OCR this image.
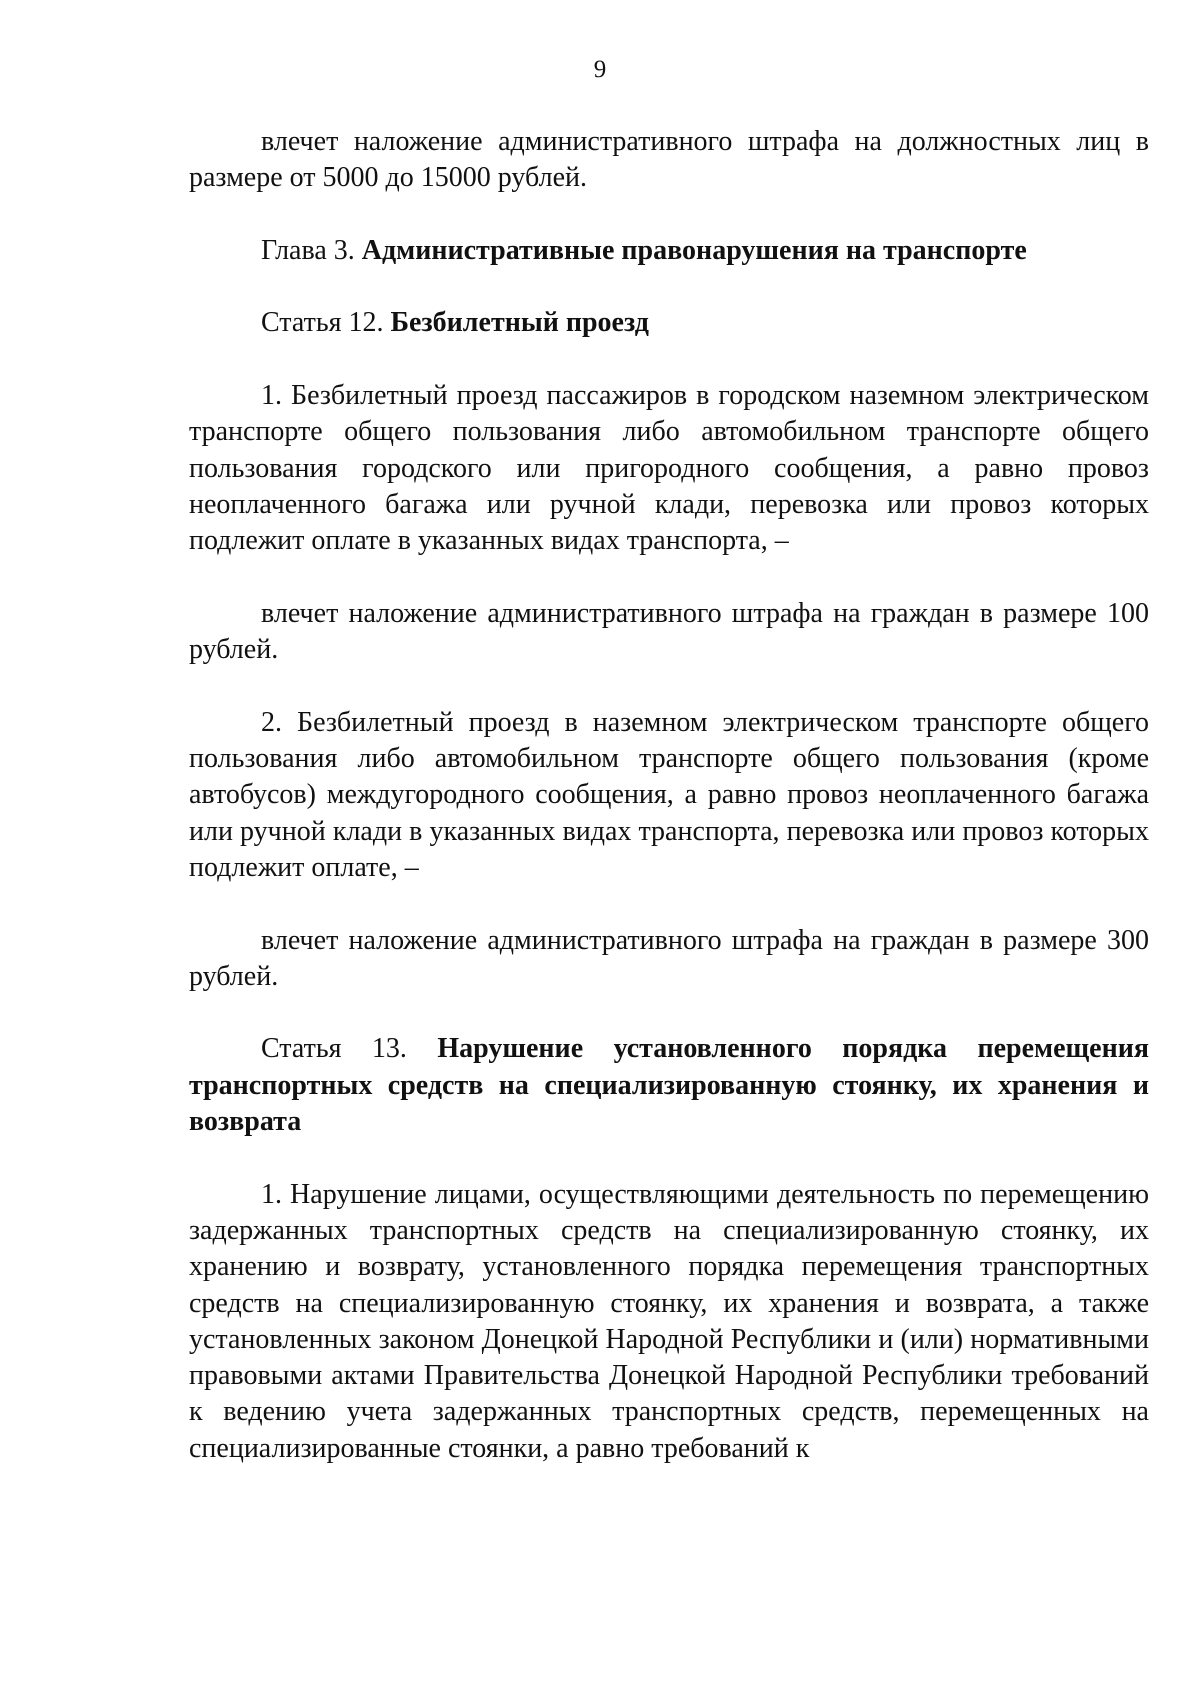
9

влечет наложение административного штрафа на должностных лиц в размере от 5000 до 15000 рублей.

Глава 3. Административные правонарушения на транспорте

Статья 12. Безбилетный проезд

1. Безбилетный проезд пассажиров в городском наземном электрическом транспорте общего пользования либо автомобильном транспорте общего пользования городского или пригородного сообщения, а равно провоз неоплаченного багажа или ручной клади, перевозка или провоз которых подлежит оплате в указанных видах транспорта, –

влечет наложение административного штрафа на граждан в размере 100 рублей.

2. Безбилетный проезд в наземном электрическом транспорте общего пользования либо автомобильном транспорте общего пользования (кроме автобусов) междугородного сообщения, а равно провоз неоплаченного багажа или ручной клади в указанных видах транспорта, перевозка или провоз которых подлежит оплате, –

влечет наложение административного штрафа на граждан в размере 300 рублей.

Статья 13. Нарушение установленного порядка перемещения транспортных средств на специализированную стоянку, их хранения и возврата

1. Нарушение лицами, осуществляющими деятельность по перемещению задержанных транспортных средств на специализированную стоянку, их хранению и возврату, установленного порядка перемещения транспортных средств на специализированную стоянку, их хранения и возврата, а также установленных законом Донецкой Народной Республики и (или) нормативными правовыми актами Правительства Донецкой Народной Республики требований к ведению учета задержанных транспортных средств, перемещенных на специализированные стоянки, а равно требований к
